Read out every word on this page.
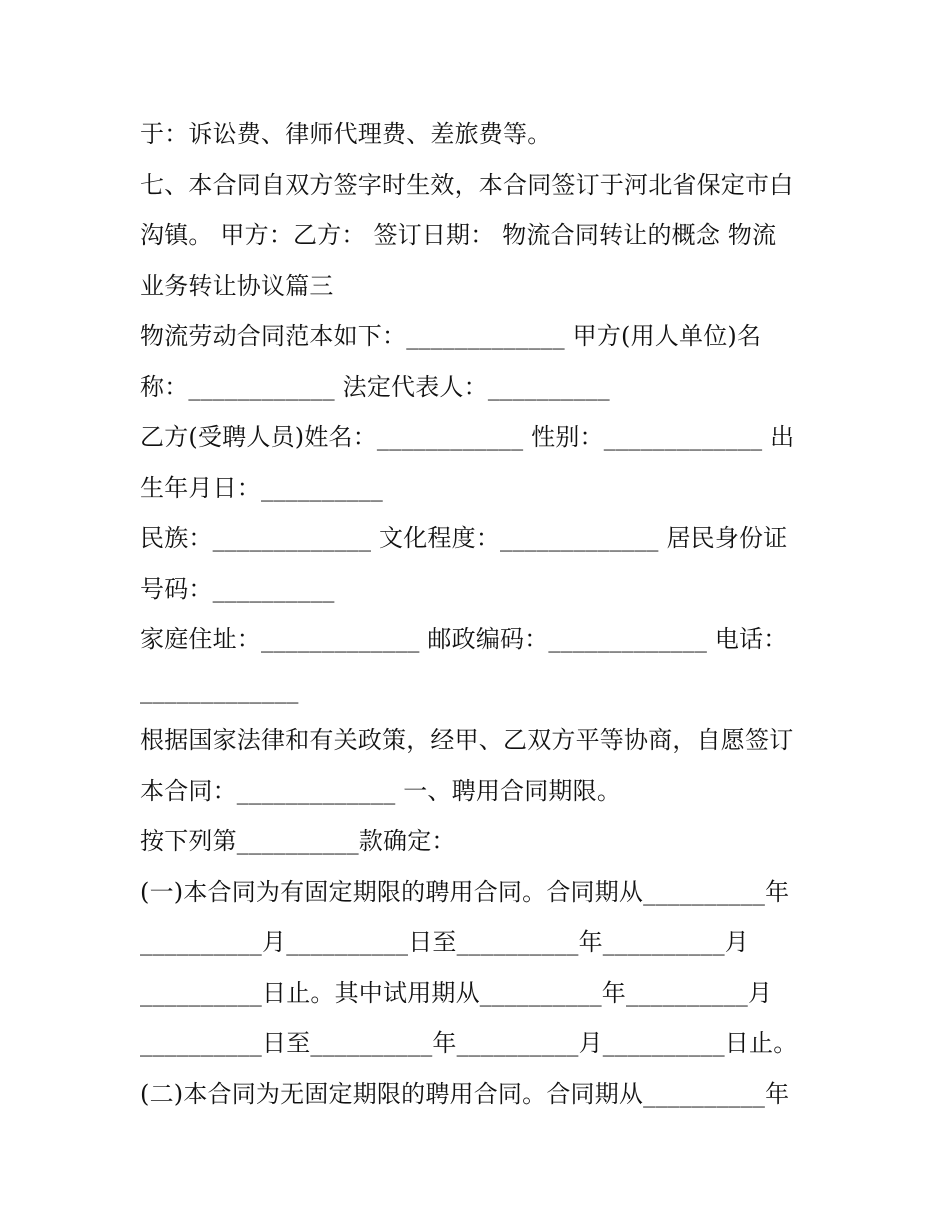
于：诉讼费、律师代理费、差旅费等。
七、本合同自双方签字时生效，本合同签订于河北省保定市白
沟镇。 甲方：乙方： 签订日期： 物流合同转让的概念 物流
业务转让协议篇三
物流劳动合同范本如下：_____________ 甲方(用人单位)名
称：____________ 法定代表人：__________
乙方(受聘人员)姓名：____________ 性别：_____________ 出
生年月日：__________
民族：_____________ 文化程度：_____________ 居民身份证
号码：__________
家庭住址：_____________ 邮政编码：_____________ 电话：
_____________
根据国家法律和有关政策，经甲、乙双方平等协商，自愿签订
本合同：_____________ 一、聘用合同期限。
按下列第__________款确定：
(一)本合同为有固定期限的聘用合同。合同期从__________年
__________月__________日至__________年__________月
__________日止。其中试用期从__________年__________月
__________日至__________年__________月__________日止。
(二)本合同为无固定期限的聘用合同。合同期从__________年
